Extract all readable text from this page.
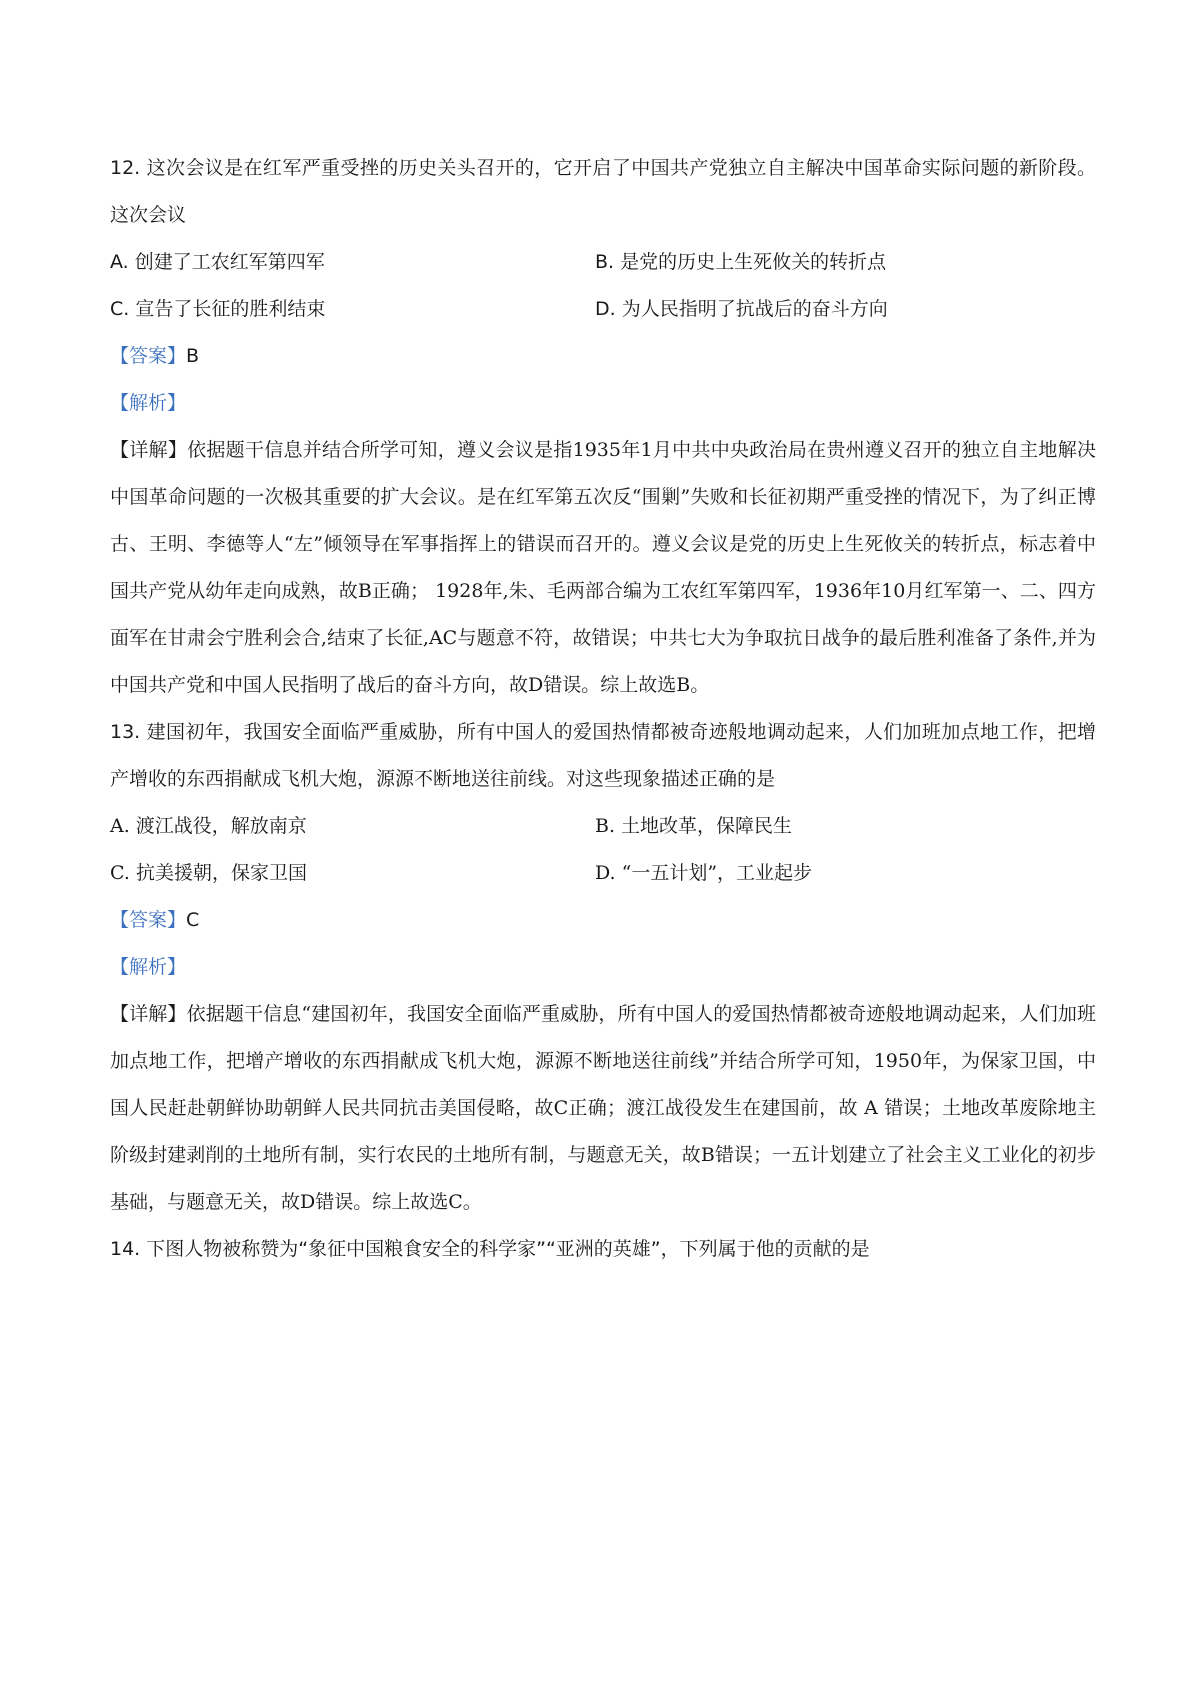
12. 这次会议是在红军严重受挫的历史关头召开的，它开启了中国共产党独立自主解决中国革命实际问题的新阶段。这次会议

A. 创建了工农红军第四军	B. 是党的历史上生死攸关的转折点
C. 宣告了长征的胜利结束	D. 为人民指明了抗战后的奋斗方向
【答案】B
【解析】

【详解】依据题干信息并结合所学可知，遵义会议是指1935年1月中共中央政治局在贵州遵义召开的独立自主地解决中国革命问题的一次极其重要的扩大会议。是在红军第五次反“围剿”失败和长征初期严重受挫的情况下，为了纠正博古、王明、李德等人“左”倾领导在军事指挥上的错误而召开的。遵义会议是党的历史上生死攸关的转折点，标志着中国共产党从幼年走向成熟，故B正确； 1928年,朱、毛两部合编为工农红军第四军，1936年10月红军第一、二、四方面军在甘肃会宁胜利会合,结束了长征,AC与题意不符，故错误；中共七大为争取抗日战争的最后胜利准备了条件,并为中国共产党和中国人民指明了战后的奋斗方向，故D错误。综上故选B。

13. 建国初年，我国安全面临严重威胁，所有中国人的爱国热情都被奇迹般地调动起来，人们加班加点地工作，把增产增收的东西捐献成飞机大炮，源源不断地送往前线。对这些现象描述正确的是

A. 渡江战役，解放南京	B. 土地改革，保障民生
C. 抗美援朝，保家卫国	D. “一五计划”，工业起步
【答案】C
【解析】

【详解】依据题干信息“建国初年，我国安全面临严重威胁，所有中国人的爱国热情都被奇迹般地调动起来，人们加班加点地工作，把增产增收的东西捐献成飞机大炮，源源不断地送往前线”并结合所学可知，1950年，为保家卫国，中国人民赶赴朝鲜协助朝鲜人民共同抗击美国侵略，故C正确；渡江战役发生在建国前，故 A 错误；土地改革废除地主阶级封建剥削的土地所有制，实行农民的土地所有制，与题意无关，故B错误；一五计划建立了社会主义工业化的初步基础，与题意无关，故D错误。综上故选C。

14. 下图人物被称赞为“象征中国粮食安全的科学家”“亚洲的英雄”，下列属于他的贡献的是
